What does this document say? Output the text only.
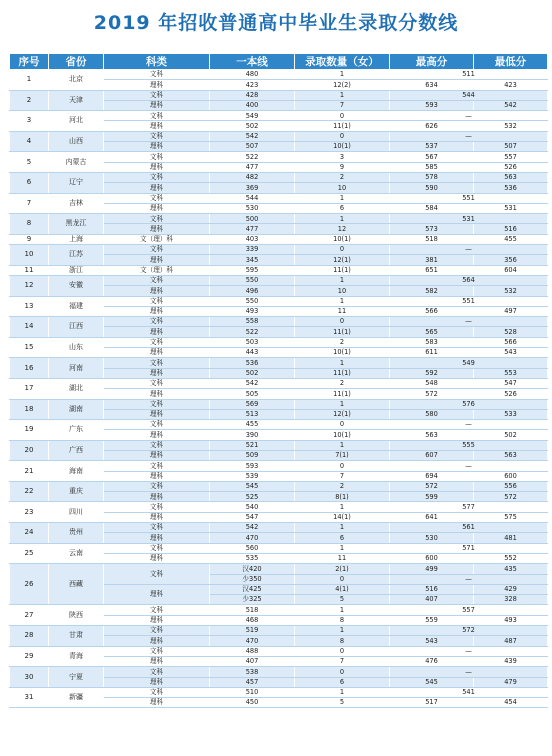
2019 年招收普通高中毕业生录取分数线
序号	省份	科类	一本线	录取数量（女）	最高分	最低分
1	北京	文科	480	1	511	
		理科	423	12(2)	634	423
2	天津	文科	428	1	544	
		理科	400	7	593	542
3	河北	文科	549	0	—	
		理科	502	11(1)	626	532
4	山西	文科	542	0	—	
		理科	507	10(1)	537	507
5	内蒙古	文科	522	3	567	557
		理科	477	9	585	526
6	辽宁	文科	482	2	578	563
		理科	369	10	590	536
7	吉林	文科	544	1	551	
		理科	530	6	584	531
8	黑龙江	文科	500	1	531	
		理科	477	12	573	516
9	上海	文（理）科	403	10(1)	518	455
10	江苏	文科	339	0	—	
		理科	345	12(1)	381	356
11	浙江	文（理）科	595	11(1)	651	604
12	安徽	文科	550	1	564	
		理科	496	10	582	532
13	福建	文科	550	1	551	
		理科	493	11	566	497
14	江西	文科	558	0	—	
		理科	522	11(1)	565	528
15	山东	文科	503	2	583	566
		理科	443	10(1)	611	543
16	河南	文科	536	1	549	
		理科	502	11(1)	592	553
17	湖北	文科	542	2	548	547
		理科	505	11(1)	572	526
18	湖南	文科	569	1	576	
		理科	513	12(1)	580	533
19	广东	文科	455	0	—	
		理科	390	10(1)	563	502
20	广西	文科	521	1	555	
		理科	509	7(1)	607	563
21	海南	文科	593	0	—	
		理科	539	7	694	600
22	重庆	文科	545	2	572	556
		理科	525	8(1)	599	572
23	四川	文科	540	1	577	
		理科	547	14(1)	641	575
24	贵州	文科	542	1	561	
		理科	470	6	530	481
25	云南	文科	560	1	571	
		理科	535	11	600	552
26	西藏	文科	汉420	2(1)	499	435
			少350	0	—	
		理科	汉425	4(1)	516	429
			少325	5	407	328
27	陕西	文科	518	1	557	
		理科	468	8	559	493
28	甘肃	文科	519	1	572	
		理科	470	8	543	487
29	青海	文科	488	0	—	
		理科	407	7	476	439
30	宁夏	文科	538	0	—	
		理科	457	6	545	479
31	新疆	文科	510	1	541	
		理科	450	5	517	454
